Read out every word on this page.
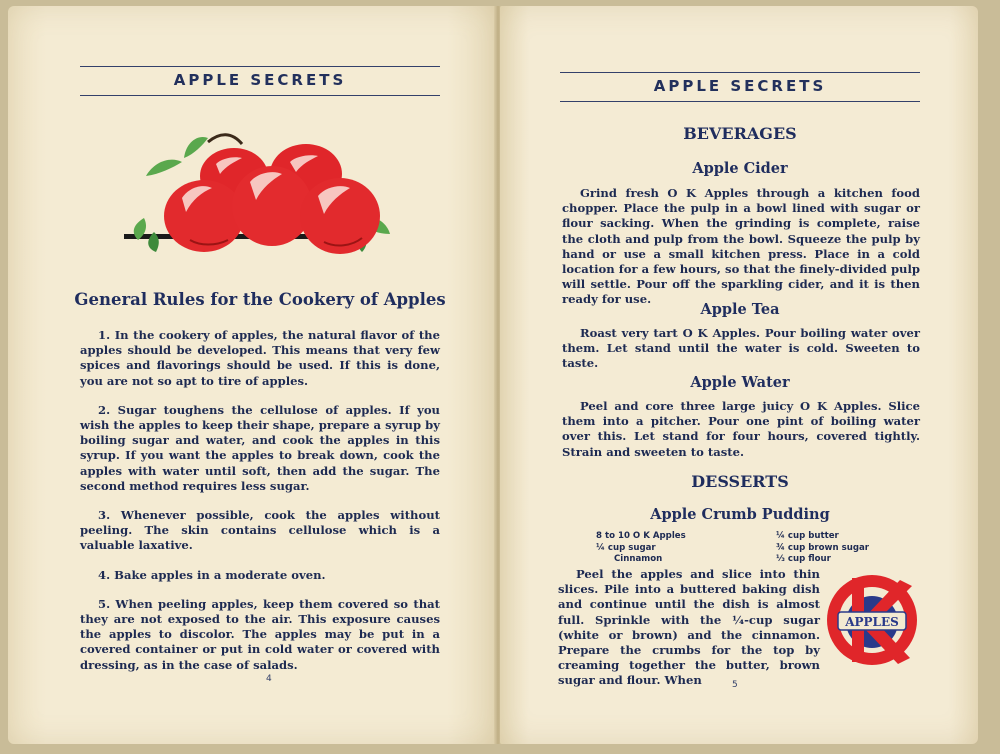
APPLE SECRETS
General Rules for the Cookery of Apples

1. In the cookery of apples, the natural flavor of the apples should be developed. This means that very few spices and flavorings should be used. If this is done, you are not so apt to tire of apples.

2. Sugar toughens the cellulose of apples. If you wish the apples to keep their shape, prepare a syrup by boiling sugar and water, and cook the apples in this syrup. If you want the apples to break down, cook the apples with water until soft, then add the sugar. The second method requires less sugar.

3. Whenever possible, cook the apples without peeling. The skin contains cellulose which is a valuable laxative.

4. Bake apples in a moderate oven.

5. When peeling apples, keep them covered so that they are not exposed to the air. This exposure causes the apples to discolor. The apples may be put in a covered container or put in cold water or covered with dressing, as in the case of salads.

4
APPLE SECRETS
BEVERAGES
Apple Cider

Grind fresh O K Apples through a kitchen food chopper. Place the pulp in a bowl lined with sugar or flour sacking. When the grinding is complete, raise the cloth and pulp from the bowl. Squeeze the pulp by hand or use a small kitchen press. Place in a cold location for a few hours, so that the finely-divided pulp will settle. Pour off the sparkling cider, and it is then ready for use.

Apple Tea

Roast very tart O K Apples. Pour boiling water over them. Let stand until the water is cold. Sweeten to taste.

Apple Water

Peel and core three large juicy O K Apples. Slice them into a pitcher. Pour one pint of boiling water over this. Let stand for four hours, covered tightly. Strain and sweeten to taste.

DESSERTS
Apple Crumb Pudding
8 to 10 O K Apples
¼ cup sugar
Cinnamon
¼ cup butter
¾ cup brown sugar
⅓ cup flour

Peel the apples and slice into thin slices. Pile into a buttered baking dish and continue until the dish is almost full. Sprinkle with the ¼-cup sugar (white or brown) and the cinnamon. Prepare the crumbs for the top by creaming together the butter, brown sugar and flour. When

APPLES
5
